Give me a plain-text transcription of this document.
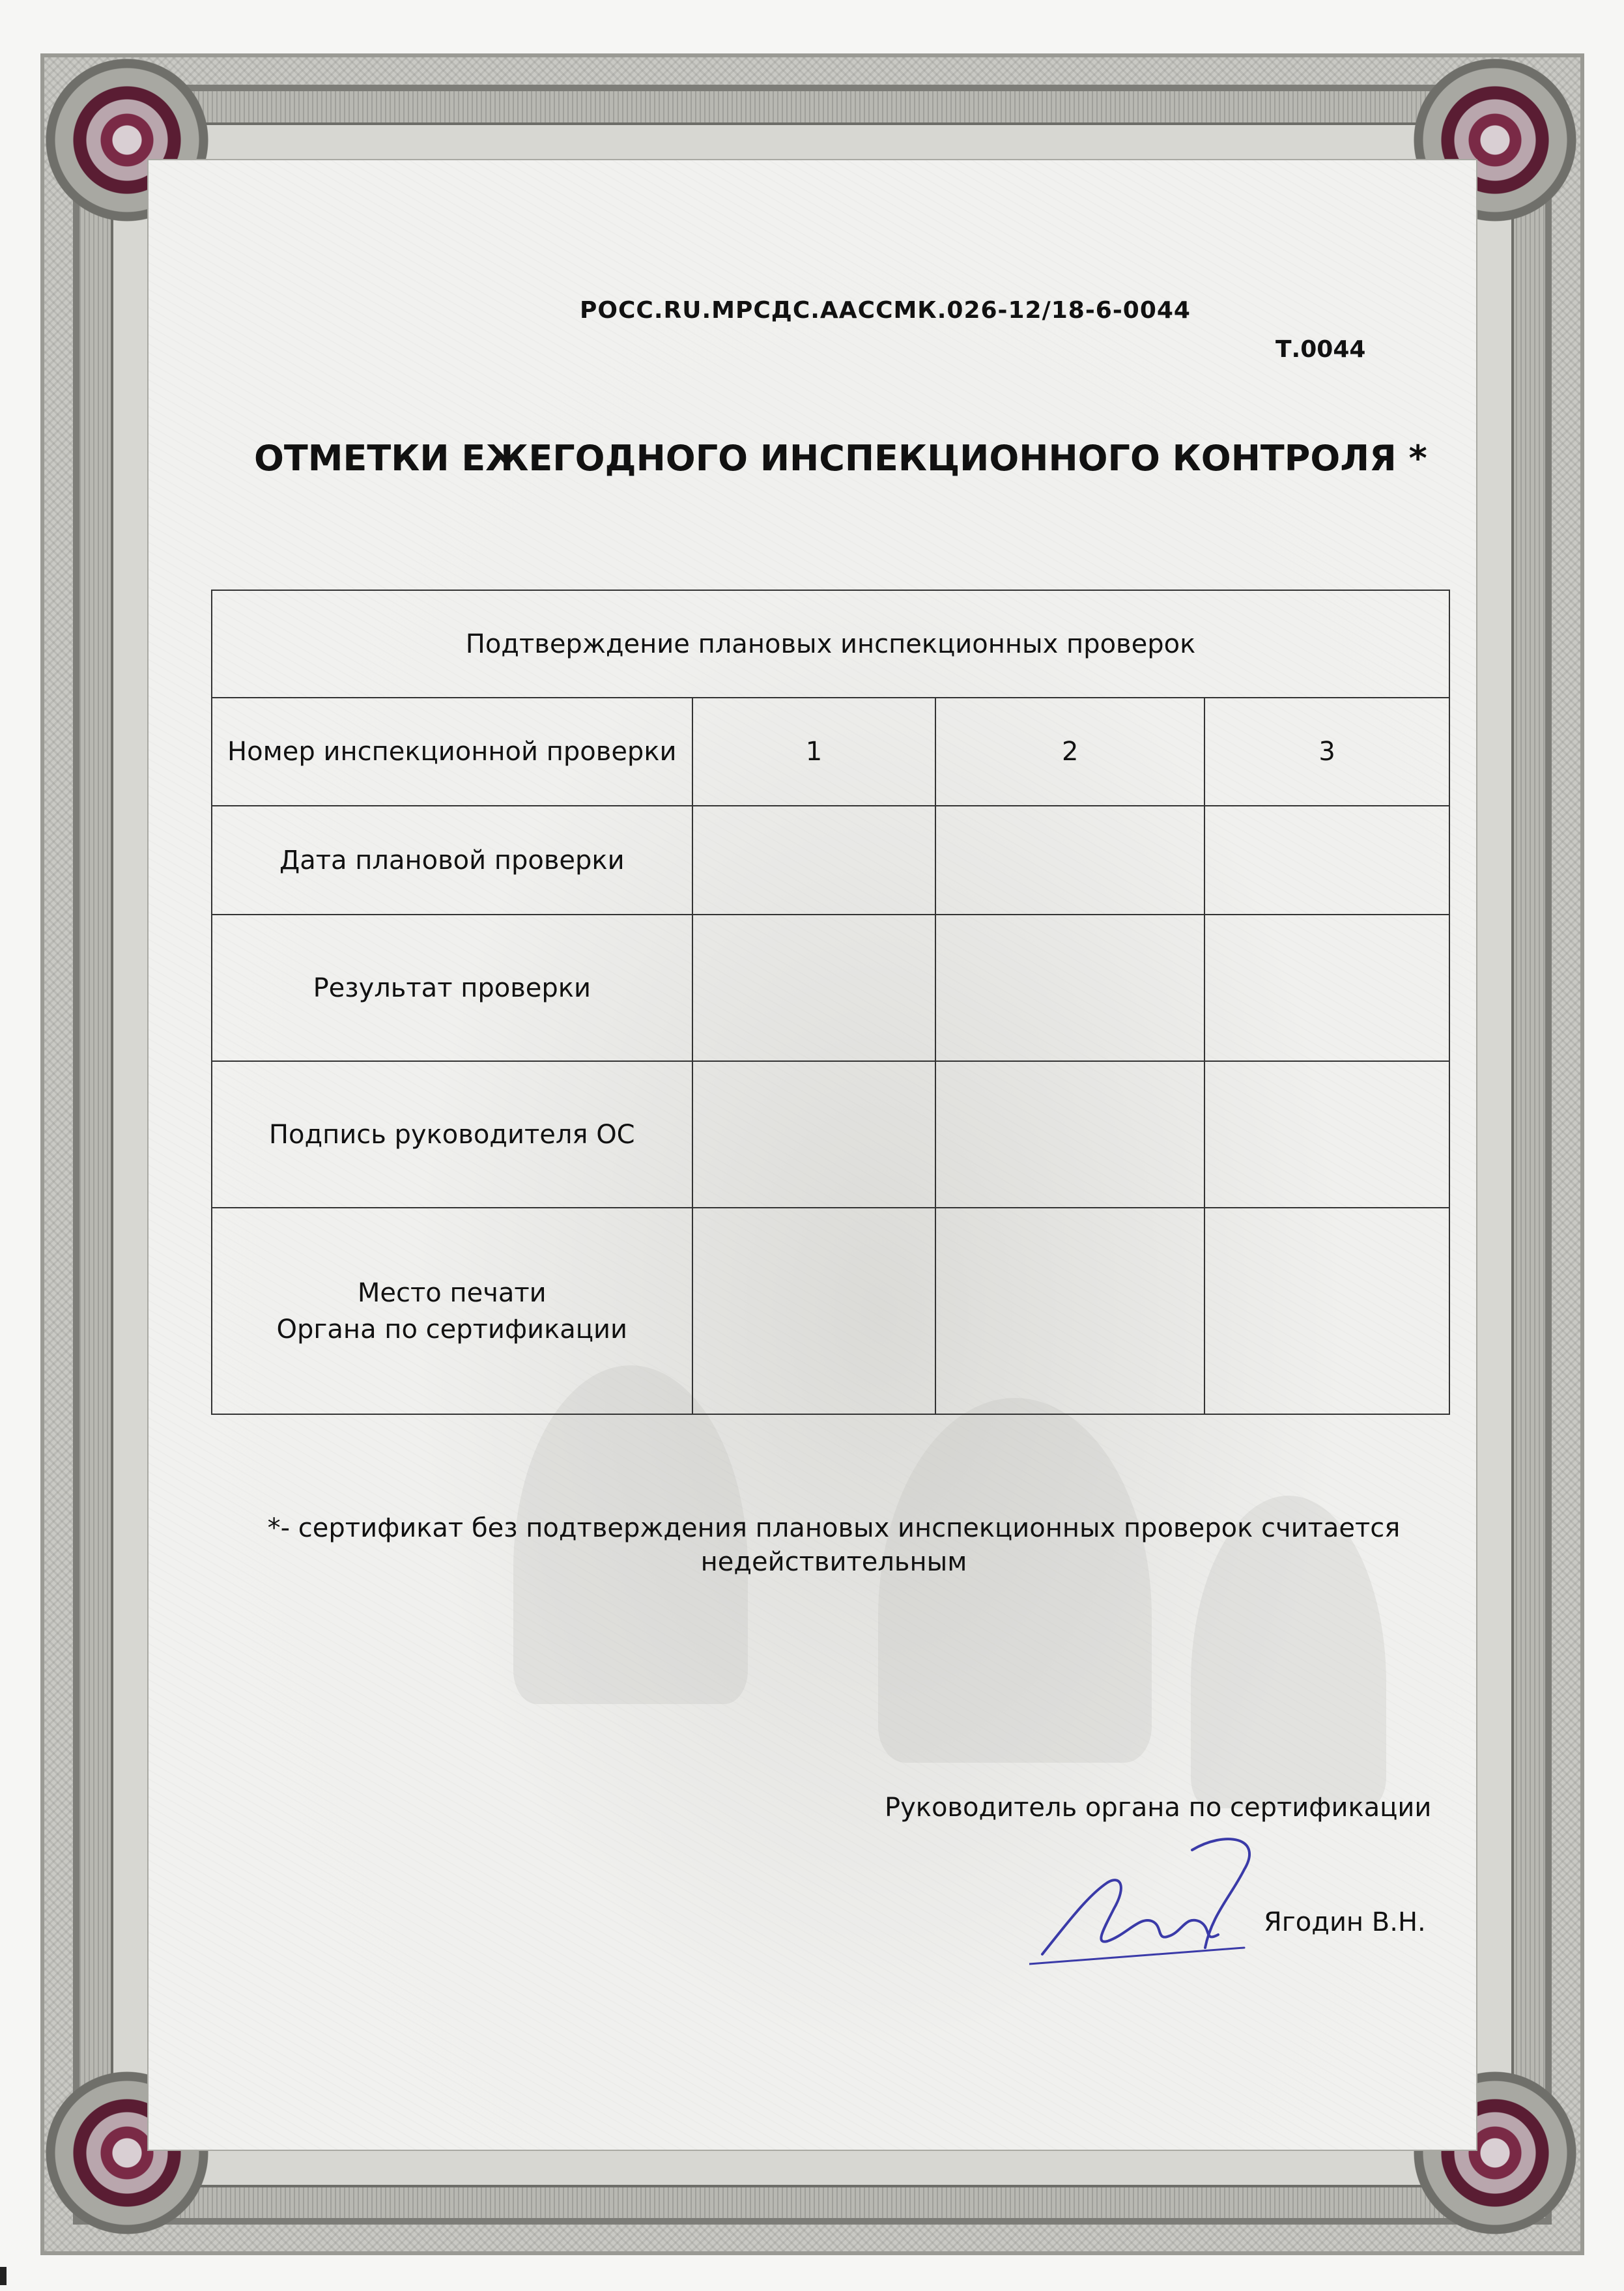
РОСС.RU.МРСДС.ААССМК.026-12/18-6-0044
Т.0044
ОТМЕТКИ ЕЖЕГОДНОГО ИНСПЕКЦИОННОГО КОНТРОЛЯ *
Подтверждение плановых инспекционных проверок			
Номер инспекционной проверки	1	2	3
Дата плановой проверки			
Результат проверки			
Подпись руководителя ОС			

Место печати
Органа по сертификации			

*- сертификат без подтверждения плановых инспекционных проверок считается
недействительным
Руководитель органа по сертификации
Ягодин В.Н.
